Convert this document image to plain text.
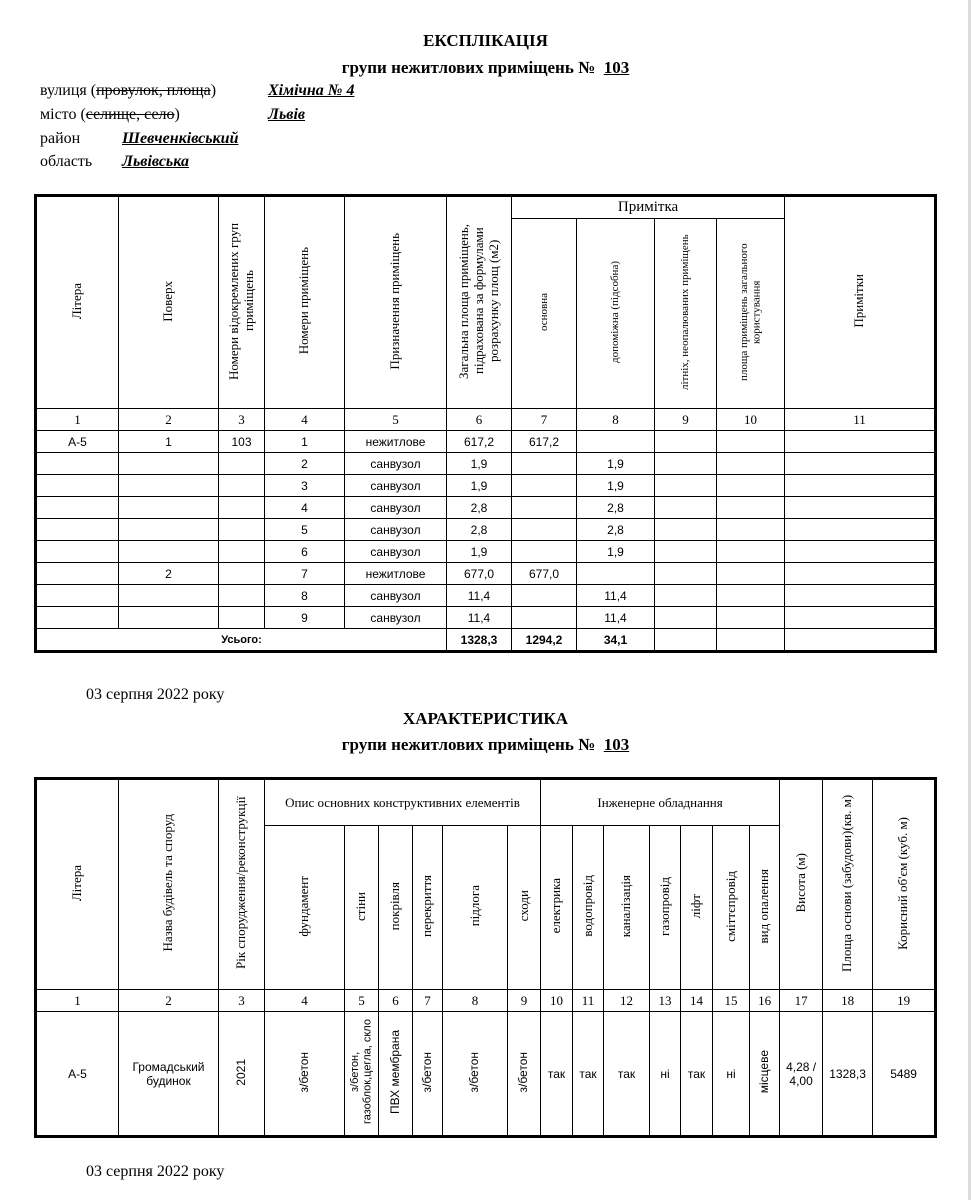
ЕКСПЛІКАЦІЯ
групи нежитлових приміщень № 103
вулиця (провулок, площа)	Хімічна № 4
місто (селище, село)	Львів
район	Шевченківський
область Львівська
Літера	Поверх	Номери відокремлених груп приміщень	Номери приміщень	Призначення приміщень	Загальна площа приміщень, підрахована за формулами розрахунку площ (м2)	Примітка				Примітки
						основна	допоміжна (підсобна)	літніх, неопалюваних приміщень	площа приміщень загального користування	
1	2	3	4	5	6	7	8	9	10	11
А-5	1	103	1	нежитлове	617,2	617,2				
			2	санвузол	1,9		1,9			
			3	санвузол	1,9		1,9			
			4	санвузол	2,8		2,8			
			5	санвузол	2,8		2,8			
			6	санвузол	1,9		1,9			
	2		7	нежитлове	677,0	677,0				
			8	санвузол	11,4		11,4			
			9	санвузол	11,4		11,4			
Усього:					1328,3	1294,2	34,1			
03 серпня 2022 року
ХАРАКТЕРИСТИКА
групи нежитлових приміщень № 103
Літера	Назва будівель та споруд	Рік спорудження/реконструкції	Опис основних конструктивних елементів						Інженерне обладнання							Висота (м)	Площа основи (забудови)(кв. м)	Корисний об'єм (куб. м)
			фундамент	стіни	покрівля	перекриття	підлога	сходи	електрика	водопровід	каналізація	газопровід	ліфт	сміттєпровід	вид опалення			
1	2	3	4	5	6	7	8	9	10	11	12	13	14	15	16	17	18	19
А-5	Громадський будинок	2021	з/бетон	з/бетон, газоблок,цегла, скло	ПВХ мембрана	з/бетон	з/бетон	з/бетон	так	так	так	ні	так	ні	місцеве	4,28 / 4,00	1328,3	5489
03 серпня 2022 року
